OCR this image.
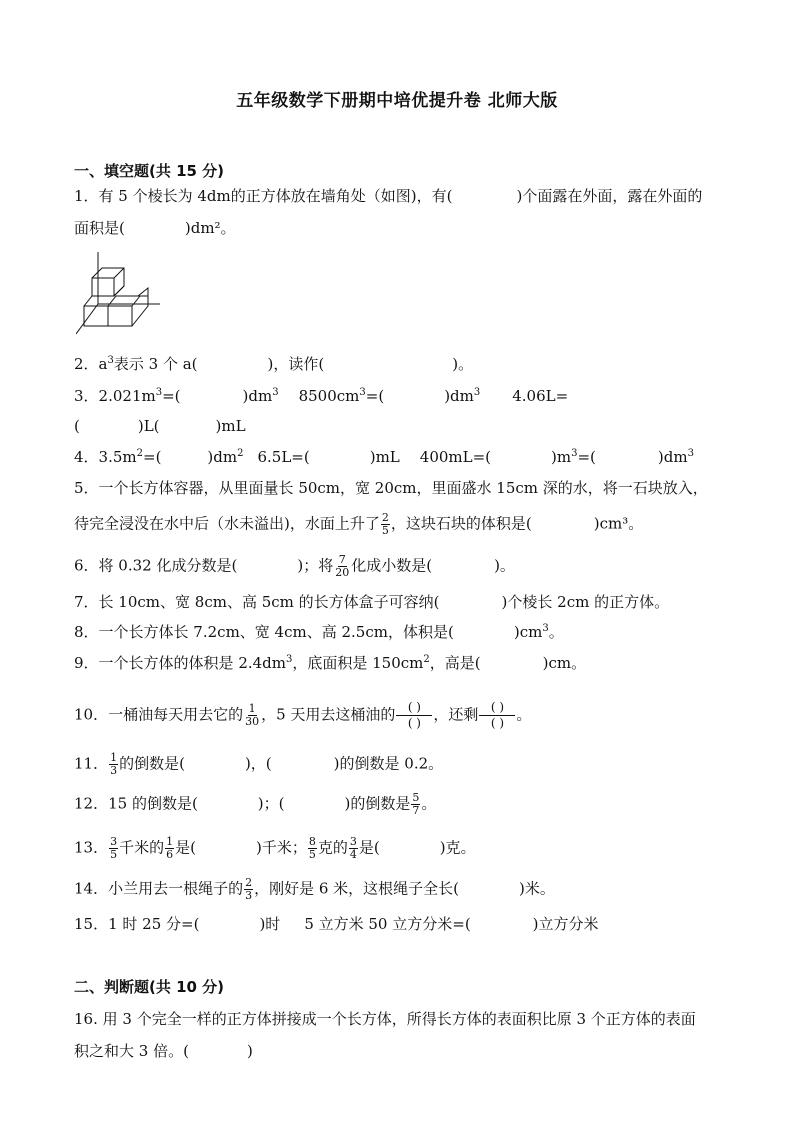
五年级数学下册期中培优提升卷 北师大版
一、填空题(共 15 分)
1．有 5 个棱长为 4dm的正方体放在墙角处（如图)，有(	)个面露在外面，露在外面的
面积是(	)dm²。
2．$a^3$表示 3 个 a(	)，读作(	)。
3．$2.021m^3=$(	)$dm^3$ $8500cm^3=$(	)$dm^3$ 4.06L=
(	)L(	)mL
4．$3.5m^2=$(	)$dm^2$ 6.5L=(	)mL 400mL=(	)$m^3=$(	)$dm^3$
5．一个长方体容器，从里面量长 50cm，宽 20cm，里面盛水 15cm 深的水，将一石块放入，
待完全浸没在水中后（水未溢出)，水面上升了 $\frac{2}{5}$ ，这块石块的体积是(	)cm³。
6．将 0.32 化成分数是(	)；将 $\frac{7}{20}$ 化成小数是(	)。
7．长 10cm、宽 8cm、高 5cm 的长方体盒子可容纳(	)个棱长 2cm 的正方体。
8．一个长方体长 7.2cm、宽 4cm、高 2.5cm，体积是(	)$cm^3$。
9．一个长方体的体积是 $2.4dm^3$，底面积是 $150cm^2$，高是(	)cm。
10．一桶油每天用去它的 $\frac{1}{30}$ ，5 天用去这桶油的 $\frac{( )}{( )}$ ，还剩 $\frac{( )}{( )}$ 。
11． $\frac{1}{3}$ 的倒数是(	)，(	)的倒数是 0.2。
12．15 的倒数是(	)；(	)的倒数是 $\frac{5}{7}$ 。
13． $\frac{3}{5}$ 千米的 $\frac{1}{6}$ 是(	)千米； $\frac{8}{5}$ 克的 $\frac{3}{4}$ 是(	)克。
14．小兰用去一根绳子的 $\frac{2}{3}$ ，刚好是 6 米，这根绳子全长(	)米。
15．1 时 25 分=(	)时 5 立方米 50 立方分米=(	)立方分米
二、判断题(共 10 分)
16. 用 3 个完全一样的正方体拼接成一个长方体，所得长方体的表面积比原 3 个正方体的表面
积之和大 3 倍。(	)
